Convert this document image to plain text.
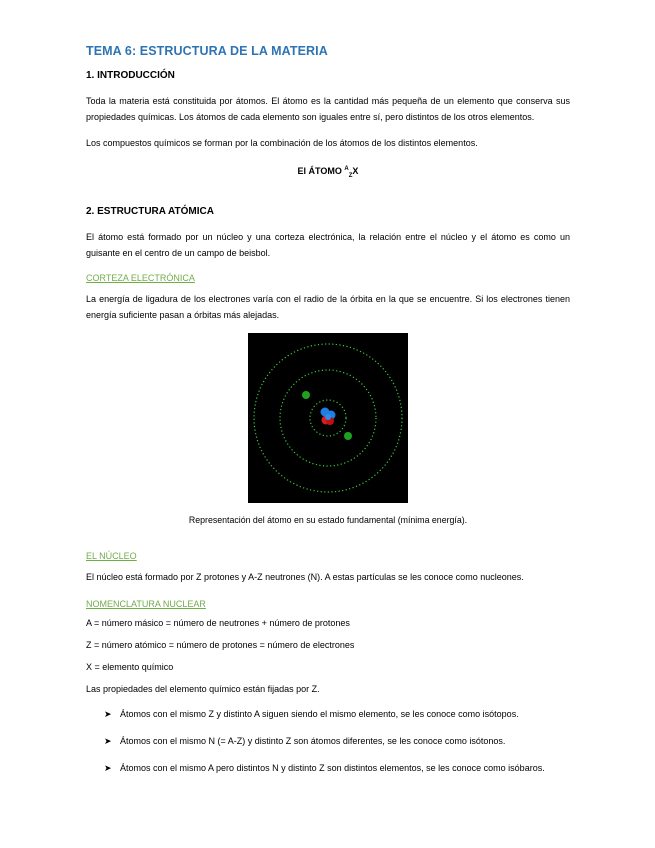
TEMA 6: ESTRUCTURA DE LA MATERIA
1. INTRODUCCIÓN

Toda la materia está constituida por átomos. El átomo es la cantidad más pequeña de un elemento que conserva sus propiedades químicas. Los átomos de cada elemento son iguales entre sí, pero distintos de los otros elementos.

Los compuestos químicos se forman por la combinación de los átomos de los distintos elementos.

El ÁTOMO $^A_Z$X

2. ESTRUCTURA ATÓMICA

El átomo está formado por un núcleo y una corteza electrónica, la relación entre el núcleo y el átomo es como un guisante en el centro de un campo de beisbol.

CORTEZA ELECTRÓNICA

La energía de ligadura de los electrones varía con el radio de la órbita en la que se encuentre. Si los electrones tienen energía suficiente pasan a órbitas más alejadas.

Representación del átomo en su estado fundamental (mínima energía).
EL NÚCLEO

El núcleo está formado por Z protones y A-Z neutrones (N). A estas partículas se les conoce como nucleones.

NOMENCLATURA NUCLEAR
A = número másico = número de neutrones + número de protones
Z = número atómico = número de protones = número de electrones
X = elemento químico
Las propiedades del elemento químico están fijadas por Z.
➤ Átomos con el mismo Z y distinto A siguen siendo el mismo elemento, se les conoce como isótopos.
➤ Átomos con el mismo N (= A-Z) y distinto Z son átomos diferentes, se les conoce como isótonos.
➤ Átomos con el mismo A pero distintos N y distinto Z son distintos elementos, se les conoce como isóbaros.
